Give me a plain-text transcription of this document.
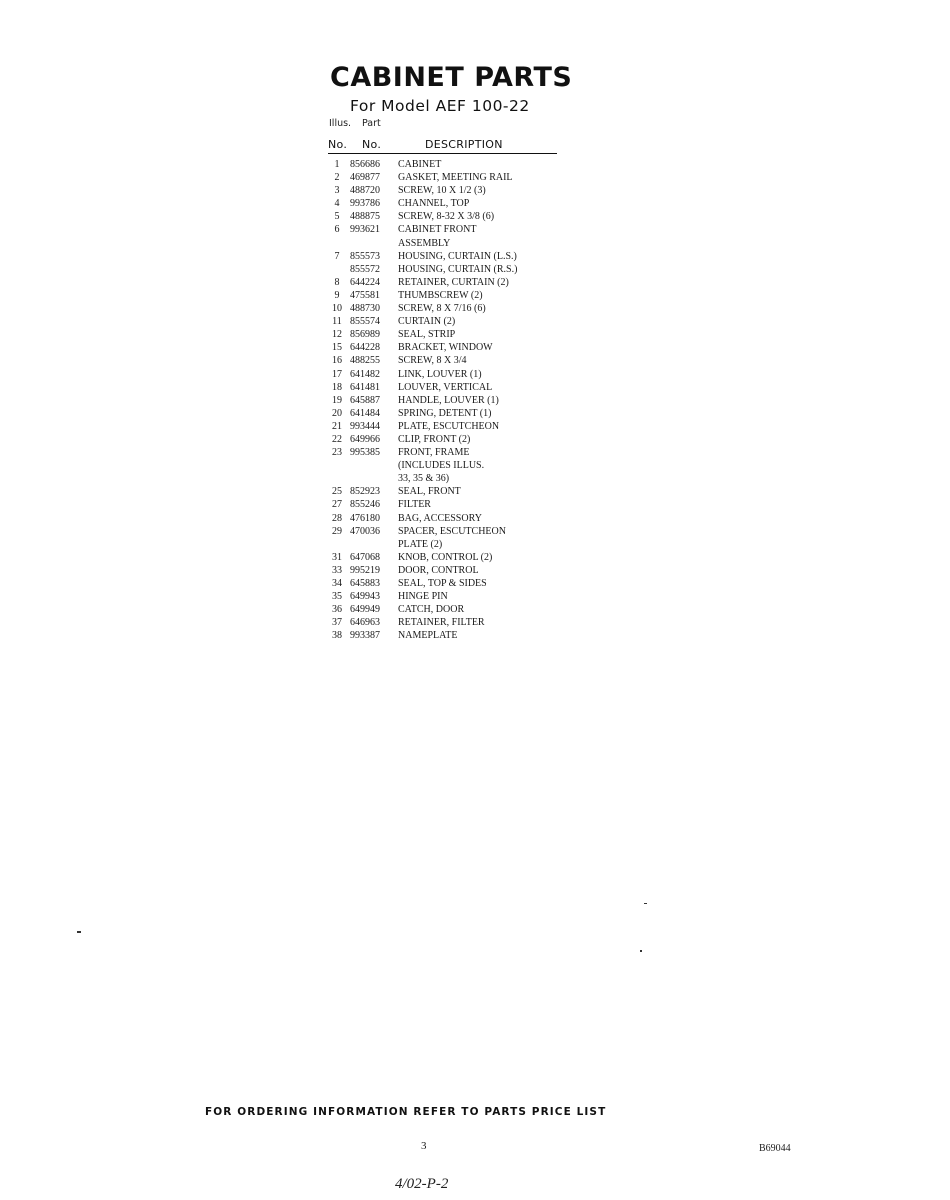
CABINET PARTS
For Model AEF 100-22
Illus. Part
No. No.	DESCRIPTION
1	856686	CABINET
2	469877	GASKET, MEETING RAIL
3	488720	SCREW, 10 X 1/2 (3)
4	993786	CHANNEL, TOP
5	488875	SCREW, 8-32 X 3/8 (6)
6	993621	CABINET FRONT
ASSEMBLY
7	855573	HOUSING, CURTAIN (L.S.)
855572	HOUSING, CURTAIN (R.S.)
8	644224	RETAINER, CURTAIN (2)
9	475581	THUMBSCREW (2)
10 488730	SCREW, 8 X 7/16 (6)
11 855574	CURTAIN (2)
12 856989	SEAL, STRIP
15 644228	BRACKET, WINDOW
16 488255	SCREW, 8 X 3/4
17 641482	LINK, LOUVER (1)
18 641481	LOUVER, VERTICAL
19 645887	HANDLE, LOUVER (1)
20 641484	SPRING, DETENT (1)
21 993444	PLATE, ESCUTCHEON
22 649966	CLIP, FRONT (2)
23 995385	FRONT, FRAME
(INCLUDES ILLUS.
33, 35 & 36)
25 852923	SEAL, FRONT
27 855246	FILTER
28 476180	BAG, ACCESSORY
29 470036	SPACER, ESCUTCHEON
PLATE (2)
31 647068	KNOB, CONTROL (2)
33 995219	DOOR, CONTROL
34 645883	SEAL, TOP & SIDES
35 649943	HINGE PIN
36 649949	CATCH, DOOR
37 646963	RETAINER, FILTER
38 993387	NAMEPLATE
FOR ORDERING INFORMATION REFER TO PARTS PRICE LIST
3	B69044
4/02-P-2
